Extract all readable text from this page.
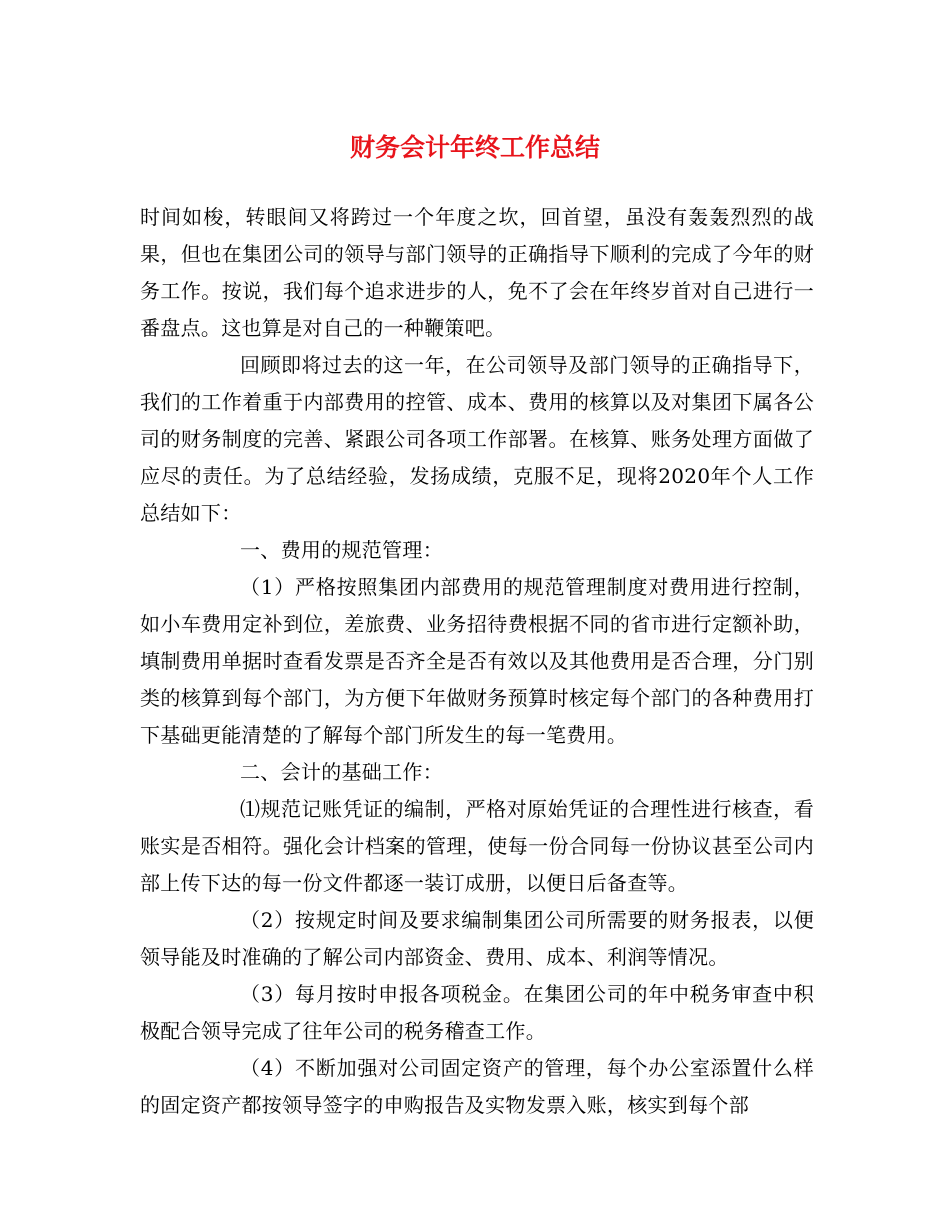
财务会计年终工作总结

时间如梭，转眼间又将跨过一个年度之坎，回首望，虽没有轰轰烈烈的战果，但也在集团公司的领导与部门领导的正确指导下顺利的完成了今年的财务工作。按说，我们每个追求进步的人，免不了会在年终岁首对自己进行一番盘点。这也算是对自己的一种鞭策吧。

回顾即将过去的这一年，在公司领导及部门领导的正确指导下，我们的工作着重于内部费用的控管、成本、费用的核算以及对集团下属各公司的财务制度的完善、紧跟公司各项工作部署。在核算、账务处理方面做了应尽的责任。为了总结经验，发扬成绩，克服不足，现将2020年个人工作总结如下：

一、费用的规范管理：

（1）严格按照集团内部费用的规范管理制度对费用进行控制，如小车费用定补到位，差旅费、业务招待费根据不同的省市进行定额补助，填制费用单据时查看发票是否齐全是否有效以及其他费用是否合理，分门别类的核算到每个部门，为方便下年做财务预算时核定每个部门的各种费用打下基础更能清楚的了解每个部门所发生的每一笔费用。

二、会计的基础工作：

⑴规范记账凭证的编制，严格对原始凭证的合理性进行核查，看账实是否相符。强化会计档案的管理，使每一份合同每一份协议甚至公司内部上传下达的每一份文件都逐一装订成册，以便日后备查等。

（2）按规定时间及要求编制集团公司所需要的财务报表，以便领导能及时准确的了解公司内部资金、费用、成本、利润等情况。

（3）每月按时申报各项税金。在集团公司的年中税务审查中积极配合领导完成了往年公司的税务稽查工作。

（4）不断加强对公司固定资产的管理，每个办公室添置什么样的固定资产都按领导签字的申购报告及实物发票入账，核实到每个部
